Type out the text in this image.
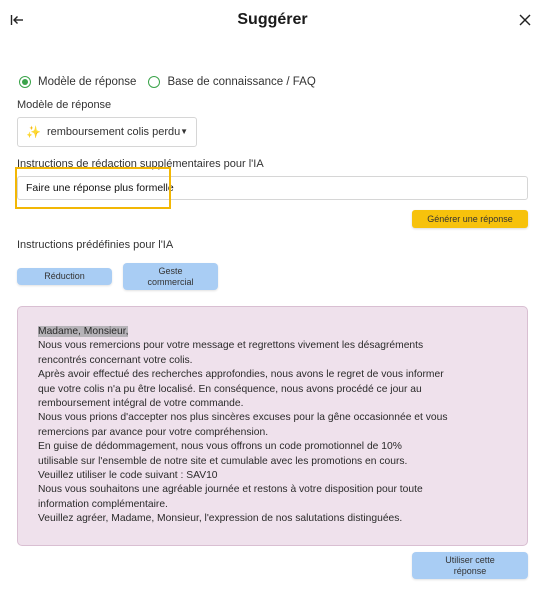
Suggérer
Modèle de réponse	Base de connaissance / FAQ
Modèle de réponse
✨ remboursement colis perdu ▼
Instructions de rédaction supplémentaires pour l'IA
Faire une réponse plus formelle
Générer une réponse
Instructions prédéfinies pour l'IA
Réduction
Geste commercial
Madame, Monsieur,
Nous vous remercions pour votre message et regrettons vivement les désagréments
rencontrés concernant votre colis.
Après avoir effectué des recherches approfondies, nous avons le regret de vous informer
que votre colis n'a pu être localisé. En conséquence, nous avons procédé ce jour au
remboursement intégral de votre commande.
Nous vous prions d'accepter nos plus sincères excuses pour la gêne occasionnée et vous
remercions par avance pour votre compréhension.
En guise de dédommagement, nous vous offrons un code promotionnel de 10%
utilisable sur l'ensemble de notre site et cumulable avec les promotions en cours.
Veuillez utiliser le code suivant : SAV10
Nous vous souhaitons une agréable journée et restons à votre disposition pour toute
information complémentaire.
Veuillez agréer, Madame, Monsieur, l'expression de nos salutations distinguées.
Utiliser cette réponse
